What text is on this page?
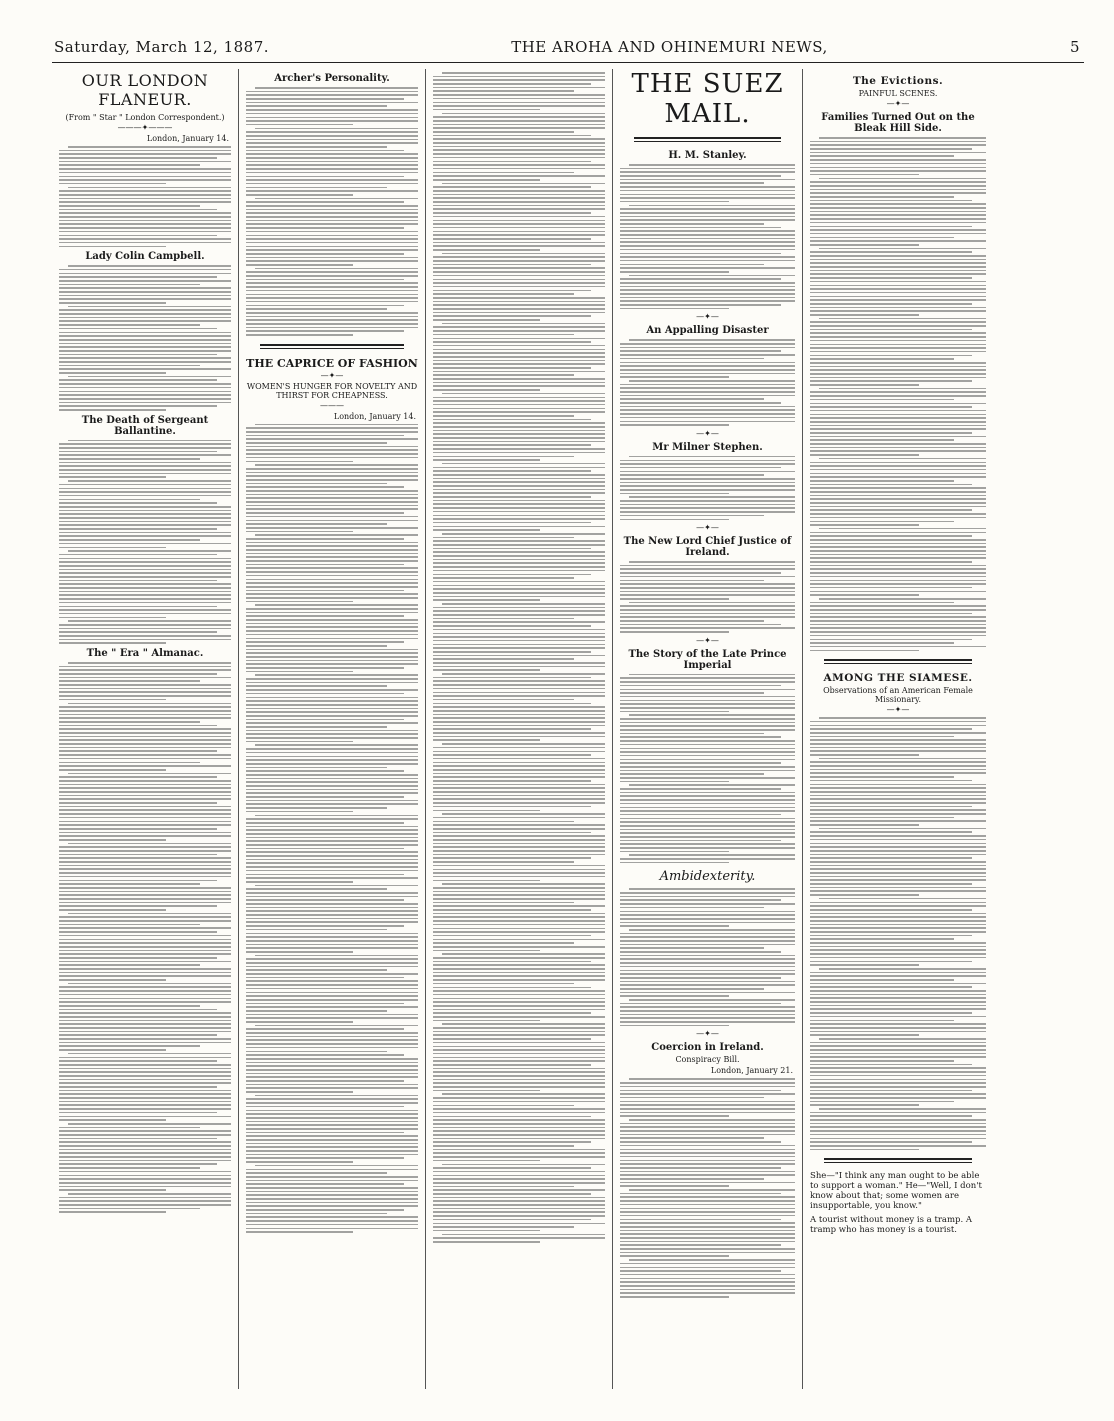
Saturday, March 12, 1887.	THE AROHA AND OHINEMURI NEWS,	5
OUR LONDON FLANEUR.
(From " Star " London Correspondent.)
———✦———
London, January 14.
Lady Colin Campbell.
The Death of Sergeant Ballantine.
The " Era " Almanac.
Archer's Personality.
THE CAPRICE OF FASHION
—✦—
WOMEN'S HUNGER FOR NOVELTY AND THIRST FOR CHEAPNESS.
———
London, January 14.
THE SUEZ MAIL.
H. M. Stanley.
—✦—
An Appalling Disaster
—✦—
Mr Milner Stephen.
—✦—
The New Lord Chief Justice of Ireland.
—✦—
The Story of the Late Prince Imperial
Ambidexterity.
—✦—
Coercion in Ireland.
Conspiracy Bill.
London, January 21.
The Evictions.
PAINFUL SCENES.
—✦—
Families Turned Out on the Bleak Hill Side.
AMONG THE SIAMESE.
Observations of an American Female Missionary.
—✦—
She—"I think any man ought to be able to support a woman." He—"Well, I don't know about that; some women are insupportable, you know."
A tourist without money is a tramp. A tramp who has money is a tourist.
